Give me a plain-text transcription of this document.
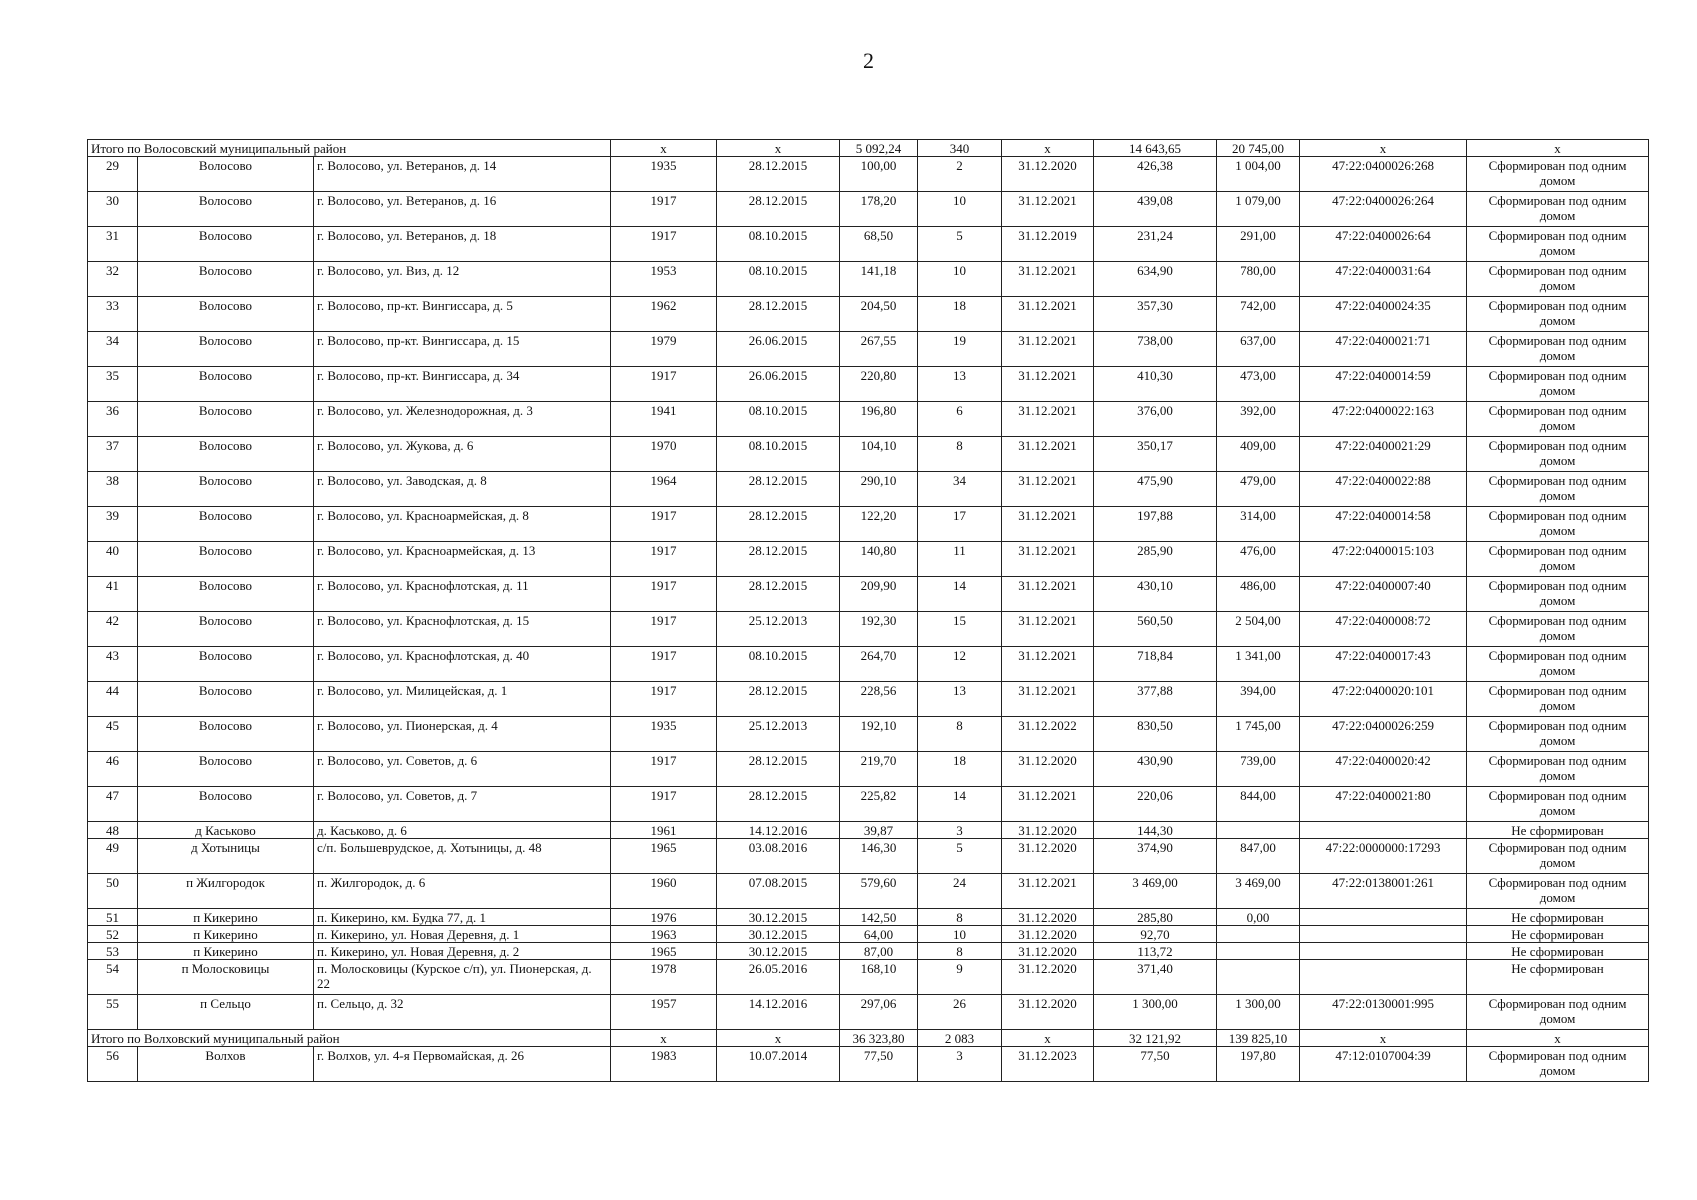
2
Итого по Волосовский муниципальный район			х	х	5 092,24	340	х	14 643,65	20 745,00	х	х
29	Волосово	г. Волосово, ул. Ветеранов, д. 14	1935	28.12.2015	100,00	2	31.12.2020	426,38	1 004,00	47:22:0400026:268	Сформирован под одним домом
30	Волосово	г. Волосово, ул. Ветеранов, д. 16	1917	28.12.2015	178,20	10	31.12.2021	439,08	1 079,00	47:22:0400026:264	Сформирован под одним домом
31	Волосово	г. Волосово, ул. Ветеранов, д. 18	1917	08.10.2015	68,50	5	31.12.2019	231,24	291,00	47:22:0400026:64	Сформирован под одним домом
32	Волосово	г. Волосово, ул. Виз, д. 12	1953	08.10.2015	141,18	10	31.12.2021	634,90	780,00	47:22:0400031:64	Сформирован под одним домом
33	Волосово	г. Волосово, пр-кт. Вингиссара, д. 5	1962	28.12.2015	204,50	18	31.12.2021	357,30	742,00	47:22:0400024:35	Сформирован под одним домом
34	Волосово	г. Волосово, пр-кт. Вингиссара, д. 15	1979	26.06.2015	267,55	19	31.12.2021	738,00	637,00	47:22:0400021:71	Сформирован под одним домом
35	Волосово	г. Волосово, пр-кт. Вингиссара, д. 34	1917	26.06.2015	220,80	13	31.12.2021	410,30	473,00	47:22:0400014:59	Сформирован под одним домом
36	Волосово	г. Волосово, ул. Железнодорожная, д. 3	1941	08.10.2015	196,80	6	31.12.2021	376,00	392,00	47:22:0400022:163	Сформирован под одним домом
37	Волосово	г. Волосово, ул. Жукова, д. 6	1970	08.10.2015	104,10	8	31.12.2021	350,17	409,00	47:22:0400021:29	Сформирован под одним домом
38	Волосово	г. Волосово, ул. Заводская, д. 8	1964	28.12.2015	290,10	34	31.12.2021	475,90	479,00	47:22:0400022:88	Сформирован под одним домом
39	Волосово	г. Волосово, ул. Красноармейская, д. 8	1917	28.12.2015	122,20	17	31.12.2021	197,88	314,00	47:22:0400014:58	Сформирован под одним домом
40	Волосово	г. Волосово, ул. Красноармейская, д. 13	1917	28.12.2015	140,80	11	31.12.2021	285,90	476,00	47:22:0400015:103	Сформирован под одним домом
41	Волосово	г. Волосово, ул. Краснофлотская, д. 11	1917	28.12.2015	209,90	14	31.12.2021	430,10	486,00	47:22:0400007:40	Сформирован под одним домом
42	Волосово	г. Волосово, ул. Краснофлотская, д. 15	1917	25.12.2013	192,30	15	31.12.2021	560,50	2 504,00	47:22:0400008:72	Сформирован под одним домом
43	Волосово	г. Волосово, ул. Краснофлотская, д. 40	1917	08.10.2015	264,70	12	31.12.2021	718,84	1 341,00	47:22:0400017:43	Сформирован под одним домом
44	Волосово	г. Волосово, ул. Милицейская, д. 1	1917	28.12.2015	228,56	13	31.12.2021	377,88	394,00	47:22:0400020:101	Сформирован под одним домом
45	Волосово	г. Волосово, ул. Пионерская, д. 4	1935	25.12.2013	192,10	8	31.12.2022	830,50	1 745,00	47:22:0400026:259	Сформирован под одним домом
46	Волосово	г. Волосово, ул. Советов, д. 6	1917	28.12.2015	219,70	18	31.12.2020	430,90	739,00	47:22:0400020:42	Сформирован под одним домом
47	Волосово	г. Волосово, ул. Советов, д. 7	1917	28.12.2015	225,82	14	31.12.2021	220,06	844,00	47:22:0400021:80	Сформирован под одним домом
48	д Каськово	д. Каськово, д. 6	1961	14.12.2016	39,87	3	31.12.2020	144,30			Не сформирован
49	д Хотыницы	с/п. Большеврудское, д. Хотыницы, д. 48	1965	03.08.2016	146,30	5	31.12.2020	374,90	847,00	47:22:0000000:17293	Сформирован под одним домом
50	п Жилгородок	п. Жилгородок, д. 6	1960	07.08.2015	579,60	24	31.12.2021	3 469,00	3 469,00	47:22:0138001:261	Сформирован под одним домом
51	п Кикерино	п. Кикерино, км. Будка 77, д. 1	1976	30.12.2015	142,50	8	31.12.2020	285,80	0,00		Не сформирован
52	п Кикерино	п. Кикерино, ул. Новая Деревня, д. 1	1963	30.12.2015	64,00	10	31.12.2020	92,70			Не сформирован
53	п Кикерино	п. Кикерино, ул. Новая Деревня, д. 2	1965	30.12.2015	87,00	8	31.12.2020	113,72			Не сформирован
54	п Молосковицы	п. Молосковицы (Курское с/п), ул. Пионерская, д. 22	1978	26.05.2016	168,10	9	31.12.2020	371,40			Не сформирован
55	п Сельцо	п. Сельцо, д. 32	1957	14.12.2016	297,06	26	31.12.2020	1 300,00	1 300,00	47:22:0130001:995	Сформирован под одним домом
Итого по Волховский муниципальный район			х	х	36 323,80	2 083	х	32 121,92	139 825,10	х	х
56	Волхов	г. Волхов, ул. 4-я Первомайская, д. 26	1983	10.07.2014	77,50	3	31.12.2023	77,50	197,80	47:12:0107004:39	Сформирован под одним домом
